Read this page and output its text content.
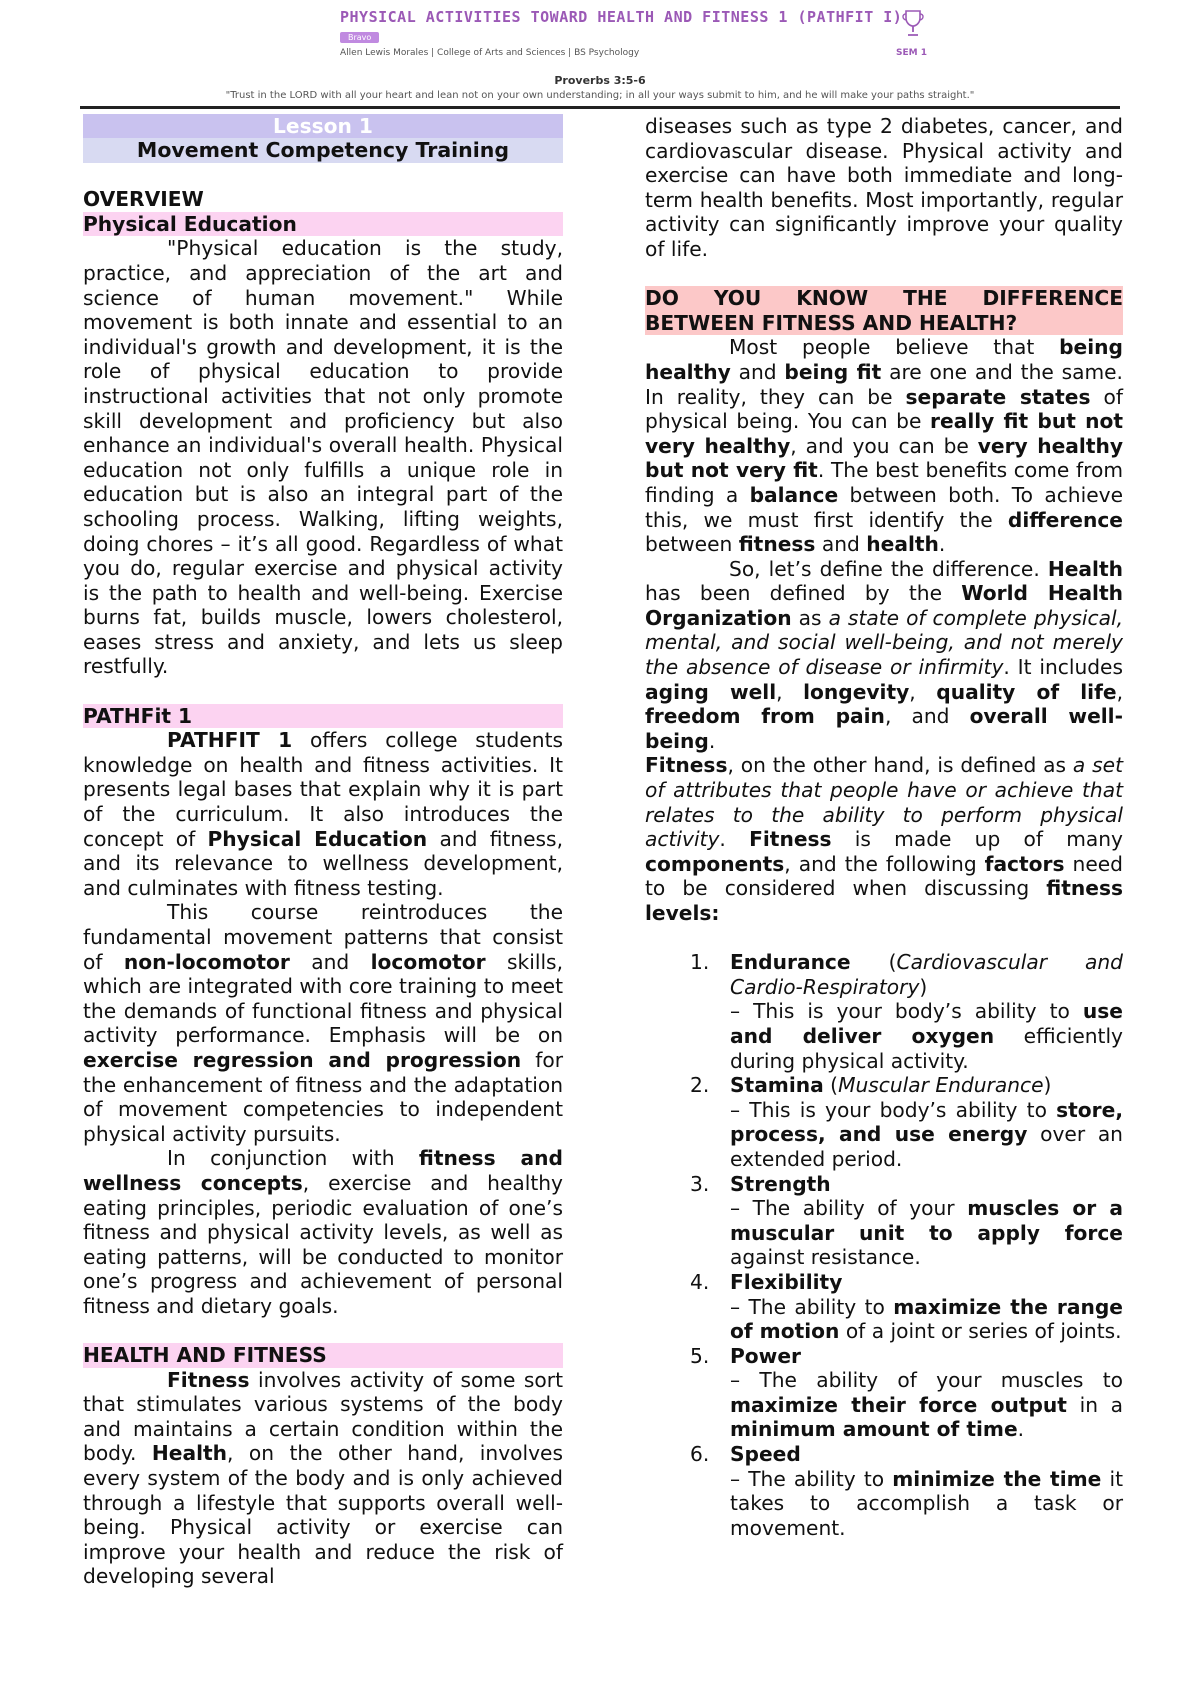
PHYSICAL ACTIVITIES TOWARD HEALTH AND FITNESS 1 (PATHFIT I)
Bravo
Allen Lewis Morales | College of Arts and Sciences | BS Psychology	SEM 1
Proverbs 3:5-6
"Trust in the LORD with all your heart and lean not on your own understanding; in all your ways submit to him, and he will make your paths straight."
Lesson 1
Movement Competency Training

OVERVIEW

Physical Education

"Physical education is the study, practice, and appreciation of the art and science of human movement." While movement is both innate and essential to an individual's growth and development, it is the role of physical education to provide instructional activities that not only promote skill development and proficiency but also enhance an individual's overall health. Physical education not only fulfills a unique role in education but is also an integral part of the schooling process. Walking, lifting weights, doing chores – it’s all good. Regardless of what you do, regular exercise and physical activity is the path to health and well-being. Exercise burns fat, builds muscle, lowers cholesterol, eases stress and anxiety, and lets us sleep restfully.

PATHFit 1

PATHFIT 1 offers college students knowledge on health and fitness activities. It presents legal bases that explain why it is part of the curriculum. It also introduces the concept of Physical Education and fitness, and its relevance to wellness development, and culminates with fitness testing.

This course reintroduces the fundamental movement patterns that consist of non-locomotor and locomotor skills, which are integrated with core training to meet the demands of functional fitness and physical activity performance. Emphasis will be on exercise regression and progression for the enhancement of fitness and the adaptation of movement competencies to independent physical activity pursuits.

In conjunction with fitness and wellness concepts, exercise and healthy eating principles, periodic evaluation of one’s fitness and physical activity levels, as well as eating patterns, will be conducted to monitor one’s progress and achievement of personal fitness and dietary goals.

HEALTH AND FITNESS

Fitness involves activity of some sort that stimulates various systems of the body and maintains a certain condition within the body. Health, on the other hand, involves every system of the body and is only achieved through a lifestyle that supports overall well-being. Physical activity or exercise can improve your health and reduce the risk of developing several

diseases such as type 2 diabetes, cancer, and cardiovascular disease. Physical activity and exercise can have both immediate and long-term health benefits. Most importantly, regular activity can significantly improve your quality of life.

DO YOU KNOW THE DIFFERENCE BETWEEN FITNESS AND HEALTH?

Most people believe that being healthy and being fit are one and the same. In reality, they can be separate states of physical being. You can be really fit but not very healthy, and you can be very healthy but not very fit. The best benefits come from finding a balance between both. To achieve this, we must first identify the difference between fitness and health.

So, let’s define the difference. Health has been defined by the World Health Organization as a state of complete physical, mental, and social well-being, and not merely the absence of disease or infirmity. It includes aging well, longevity, quality of life, freedom from pain, and overall well-being.

Fitness, on the other hand, is defined as a set of attributes that people have or achieve that relates to the ability to perform physical activity. Fitness is made up of many components, and the following factors need to be considered when discussing fitness levels:

1. Endurance (Cardiovascular and Cardio-Respiratory)
– This is your body’s ability to use and deliver oxygen efficiently during physical activity.
2. Stamina (Muscular Endurance)
– This is your body’s ability to store, process, and use energy over an extended period.
3. Strength
– The ability of your muscles or a muscular unit to apply force against resistance.
4. Flexibility
– The ability to maximize the range of motion of a joint or series of joints.
5. Power
– The ability of your muscles to maximize their force output in a minimum amount of time.
6. Speed
– The ability to minimize the time it takes to accomplish a task or movement.
